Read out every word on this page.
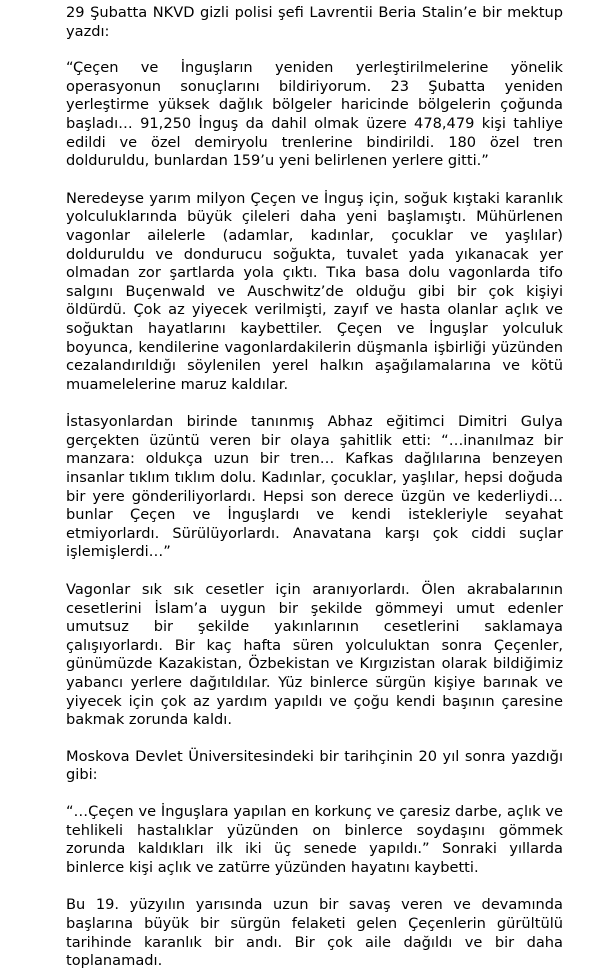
29 Şubatta NKVD gizli polisi şefi Lavrentii Beria Stalin’e bir mektup yazdı:

“Çeçen ve İnguşların yeniden yerleştirilmelerine yönelik operasyonun sonuçlarını bildiriyorum. 23 Şubatta yeniden yerleştirme yüksek dağlık bölgeler haricinde bölgelerin çoğunda başladı… 91,250 İnguş da dahil olmak üzere 478,479 kişi tahliye edildi ve özel demiryolu trenlerine bindirildi. 180 özel tren dolduruldu, bunlardan 159’u yeni belirlenen yerlere gitti.”

Neredeyse yarım milyon Çeçen ve İnguş için, soğuk kıştaki karanlık yolculuklarında büyük çileleri daha yeni başlamıştı. Mühürlenen vagonlar ailelerle (adamlar, kadınlar, çocuklar ve yaşlılar) dolduruldu ve dondurucu soğukta, tuvalet yada yıkanacak yer olmadan zor şartlarda yola çıktı. Tıka basa dolu vagonlarda tifo salgını Buçenwald ve Auschwitz’de olduğu gibi bir çok kişiyi öldürdü. Çok az yiyecek verilmişti, zayıf ve hasta olanlar açlık ve soğuktan hayatlarını kaybettiler. Çeçen ve İnguşlar yolculuk boyunca, kendilerine vagonlardakilerin düşmanla işbirliği yüzünden cezalandırıldığı söylenilen yerel halkın aşağılamalarına ve kötü muamelelerine maruz kaldılar.

İstasyonlardan birinde tanınmış Abhaz eğitimci Dimitri Gulya gerçekten üzüntü veren bir olaya şahitlik etti: “…inanılmaz bir manzara: oldukça uzun bir tren… Kafkas dağlılarına benzeyen insanlar tıklım tıklım dolu. Kadınlar, çocuklar, yaşlılar, hepsi doğuda bir yere gönderiliyorlardı. Hepsi son derece üzgün ve kederliydi… bunlar Çeçen ve İnguşlardı ve kendi istekleriyle seyahat etmiyorlardı. Sürülüyorlardı. Anavatana karşı çok ciddi suçlar işlemişlerdi…”

Vagonlar sık sık cesetler için aranıyorlardı. Ölen akrabalarının cesetlerini İslam’a uygun bir şekilde gömmeyi umut edenler umutsuz bir şekilde yakınlarının cesetlerini saklamaya çalışıyorlardı. Bir kaç hafta süren yolculuktan sonra Çeçenler, günümüzde Kazakistan, Özbekistan ve Kırgızistan olarak bildiğimiz yabancı yerlere dağıtıldılar. Yüz binlerce sürgün kişiye barınak ve yiyecek için çok az yardım yapıldı ve çoğu kendi başının çaresine bakmak zorunda kaldı.

Moskova Devlet Üniversitesindeki bir tarihçinin 20 yıl sonra yazdığı gibi:

“…Çeçen ve İnguşlara yapılan en korkunç ve çaresiz darbe, açlık ve tehlikeli hastalıklar yüzünden on binlerce soydaşını gömmek zorunda kaldıkları ilk iki üç senede yapıldı.” Sonraki yıllarda binlerce kişi açlık ve zatürre yüzünden hayatını kaybetti.

Bu 19. yüzyılın yarısında uzun bir savaş veren ve devamında başlarına büyük bir sürgün felaketi gelen Çeçenlerin gürültülü tarihinde karanlık bir andı. Bir çok aile dağıldı ve bir daha toplanamadı.
